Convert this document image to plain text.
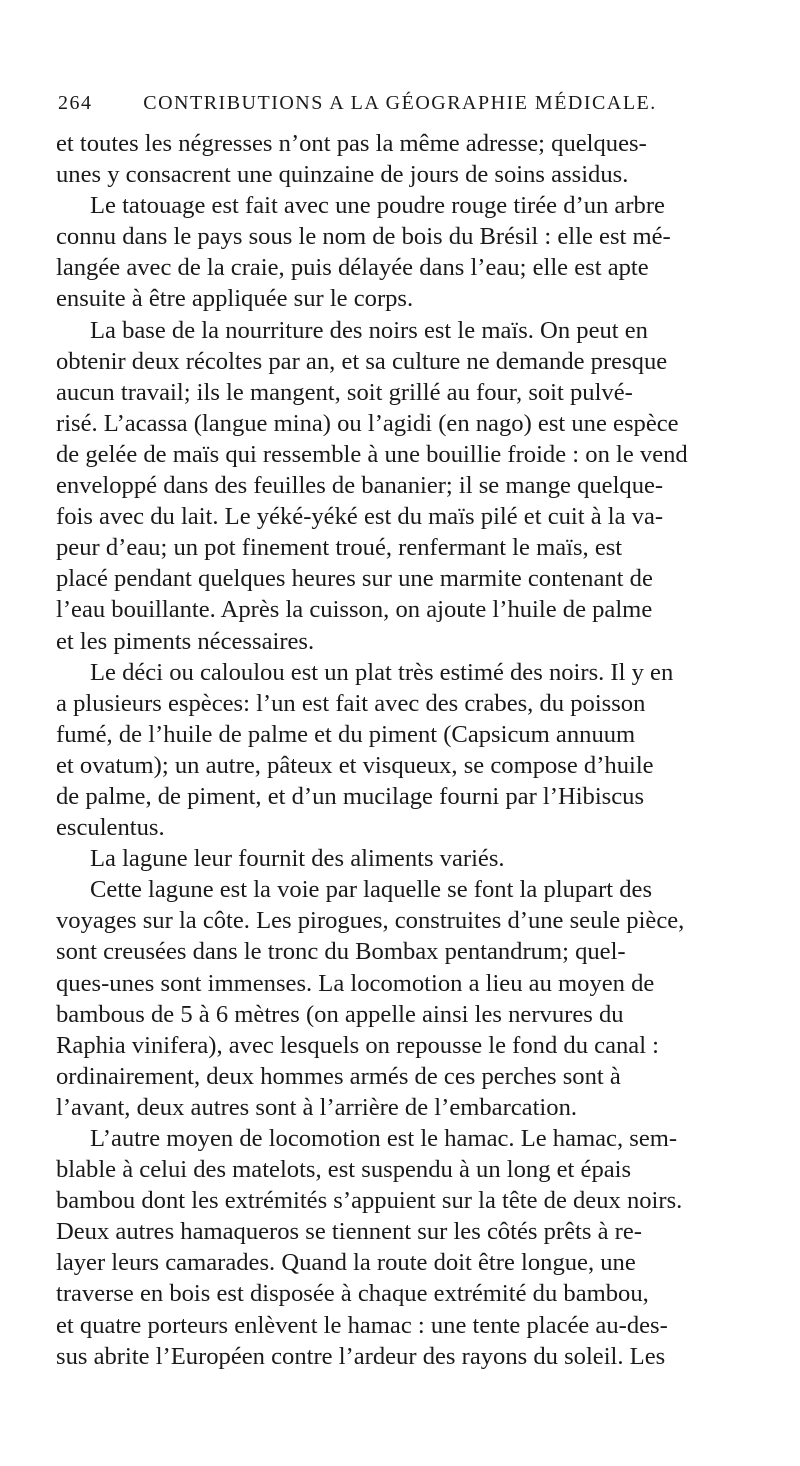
264	CONTRIBUTIONS A LA GÉOGRAPHIE MÉDICALE.
et toutes les négresses n’ont pas la même adresse; quelques-
unes y consacrent une quinzaine de jours de soins assidus.
Le tatouage est fait avec une poudre rouge tirée d’un arbre
connu dans le pays sous le nom de bois du Brésil : elle est mé-
langée avec de la craie, puis délayée dans l’eau; elle est apte
ensuite à être appliquée sur le corps.
La base de la nourriture des noirs est le maïs. On peut en
obtenir deux récoltes par an, et sa culture ne demande presque
aucun travail; ils le mangent, soit grillé au four, soit pulvé-
risé. L’acassa (langue mina) ou l’agidi (en nago) est une espèce
de gelée de maïs qui ressemble à une bouillie froide : on le vend
enveloppé dans des feuilles de bananier; il se mange quelque-
fois avec du lait. Le yéké-yéké est du maïs pilé et cuit à la va-
peur d’eau; un pot finement troué, renfermant le maïs, est
placé pendant quelques heures sur une marmite contenant de
l’eau bouillante. Après la cuisson, on ajoute l’huile de palme
et les piments nécessaires.
Le déci ou caloulou est un plat très estimé des noirs. Il y en
a plusieurs espèces: l’un est fait avec des crabes, du poisson
fumé, de l’huile de palme et du piment (Capsicum annuum
et ovatum); un autre, pâteux et visqueux, se compose d’huile
de palme, de piment, et d’un mucilage fourni par l’Hibiscus
esculentus.
La lagune leur fournit des aliments variés.
Cette lagune est la voie par laquelle se font la plupart des
voyages sur la côte. Les pirogues, construites d’une seule pièce,
sont creusées dans le tronc du Bombax pentandrum; quel-
ques-unes sont immenses. La locomotion a lieu au moyen de
bambous de 5 à 6 mètres (on appelle ainsi les nervures du
Raphia vinifera), avec lesquels on repousse le fond du canal :
ordinairement, deux hommes armés de ces perches sont à
l’avant, deux autres sont à l’arrière de l’embarcation.
L’autre moyen de locomotion est le hamac. Le hamac, sem-
blable à celui des matelots, est suspendu à un long et épais
bambou dont les extrémités s’appuient sur la tête de deux noirs.
Deux autres hamaqueros se tiennent sur les côtés prêts à re-
layer leurs camarades. Quand la route doit être longue, une
traverse en bois est disposée à chaque extrémité du bambou,
et quatre porteurs enlèvent le hamac : une tente placée au-des-
sus abrite l’Européen contre l’ardeur des rayons du soleil. Les
